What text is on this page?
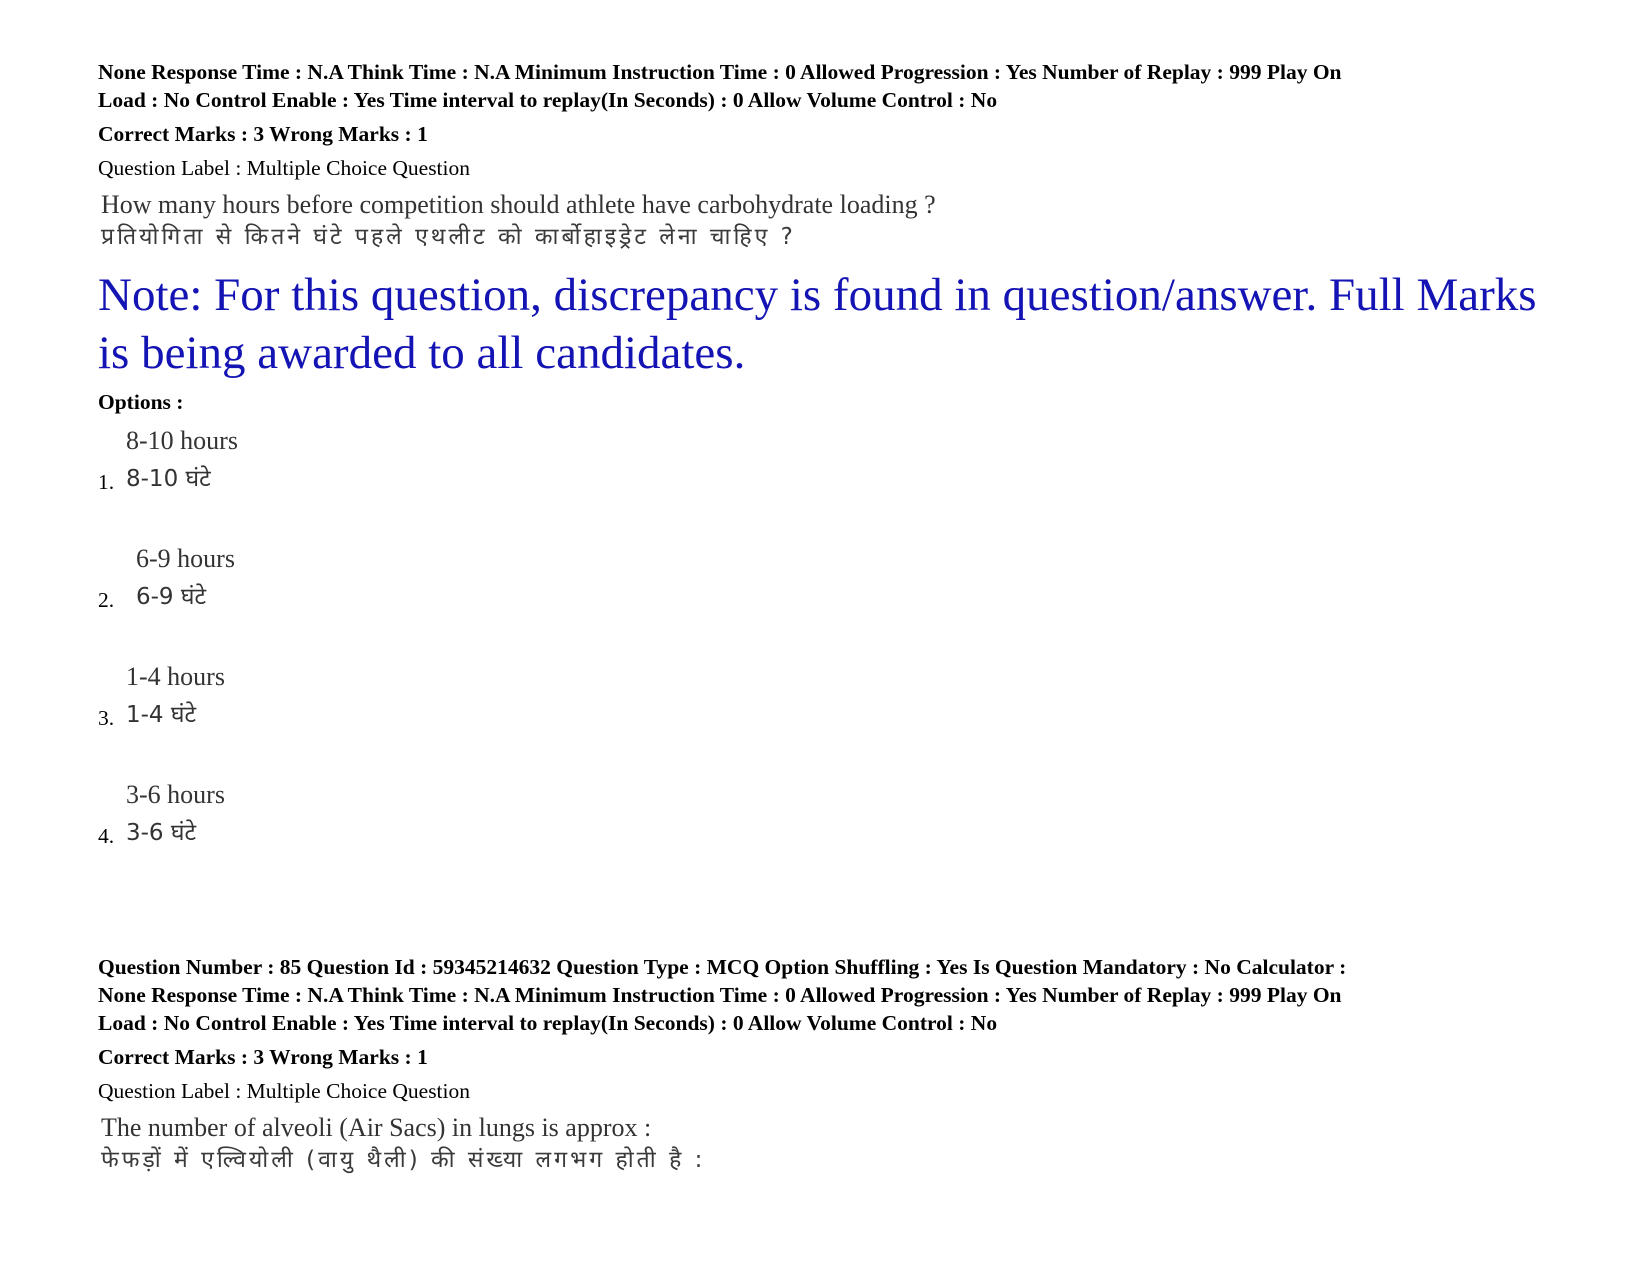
None Response Time : N.A Think Time : N.A Minimum Instruction Time : 0 Allowed Progression : Yes Number of Replay : 999 Play On

Load : No Control Enable : Yes Time interval to replay(In Seconds) : 0 Allow Volume Control : No

Correct Marks : 3 Wrong Marks : 1
Question Label : Multiple Choice Question
How many hours before competition should athlete have carbohydrate loading ?
प्रतियोगिता से कितने घंटे पहले एथलीट को कार्बोहाइड्रेट लेना चाहिए ?
Note: For this question, discrepancy is found in question/answer. Full Marks is being awarded to all candidates.
Options :
1.
8-10 hours
8-10 घंटे
2.
6-9 hours
6-9 घंटे
3.
1-4 hours
1-4 घंटे
4.
3-6 hours
3-6 घंटे

Question Number : 85 Question Id : 59345214632 Question Type : MCQ Option Shuffling : Yes Is Question Mandatory : No Calculator :

None Response Time : N.A Think Time : N.A Minimum Instruction Time : 0 Allowed Progression : Yes Number of Replay : 999 Play On

Load : No Control Enable : Yes Time interval to replay(In Seconds) : 0 Allow Volume Control : No

Correct Marks : 3 Wrong Marks : 1
Question Label : Multiple Choice Question
The number of alveoli (Air Sacs) in lungs is approx :
फेफड़ों में एल्वियोली (वायु थैली) की संख्या लगभग होती है :
